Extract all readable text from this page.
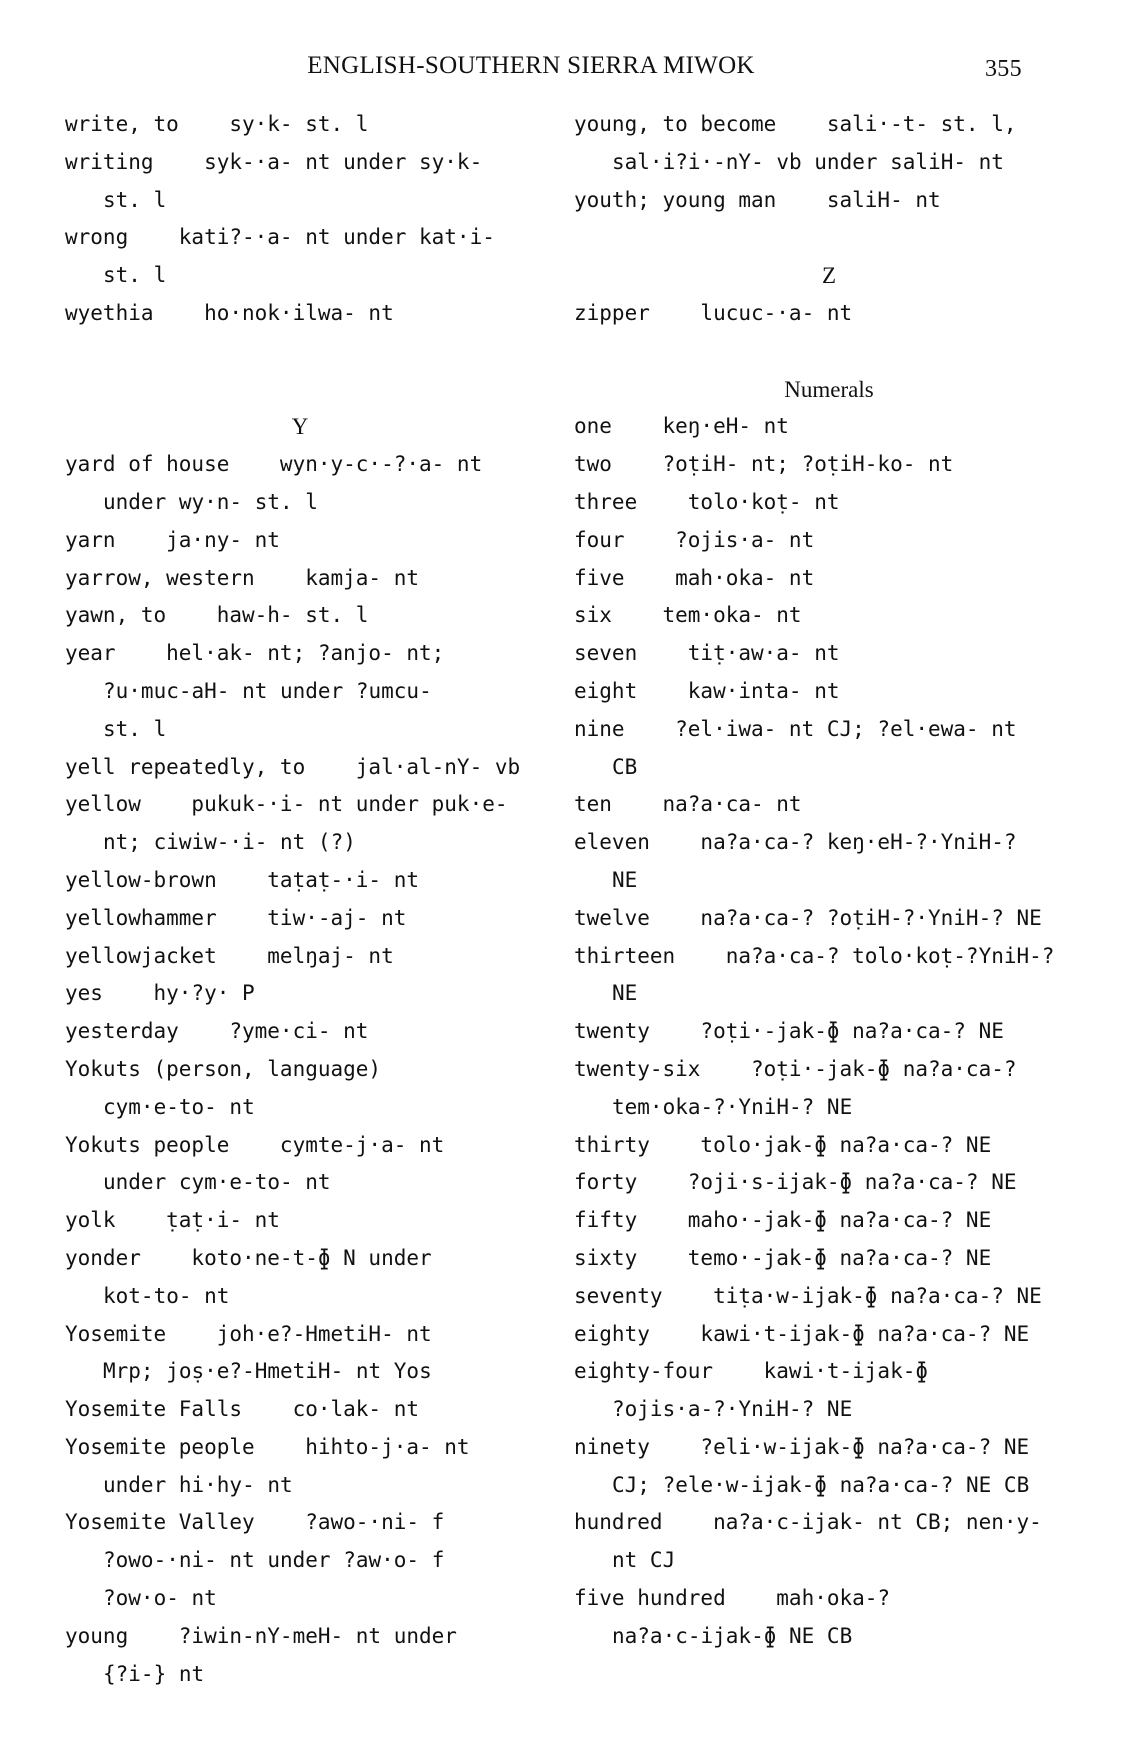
ENGLISH-SOUTHERN SIERRA MIWOK	355
write, to    sy·k- st. l
writing    syk-·a- nt under sy·k-
st. l
wrong    kati?-·a- nt under kat·i-
st. l
wyethia    ho·nok·ilwa- nt
Y
yard of house    wyn·y-c·-?·a- nt
under wy·n- st. l
yarn    ja·ny- nt
yarrow, western    kamja- nt
yawn, to    haw-h- st. l
year    hel·ak- nt; ?anjo- nt;
?u·muc-aH- nt under ?umcu-
st. l
yell repeatedly, to    jal·al-nY- vb
yellow    pukuk-·i- nt under puk·e-
nt; ciwiw-·i- nt (?)
yellow-brown    taṭaṭ-·i- nt
yellowhammer    tiw·-aj- nt
yellowjacket    melŋaj- nt
yes    hy·?y· P
yesterday    ?yme·ci- nt
Yokuts (person, language)
cym·e-to- nt
Yokuts people    cymte-j·a- nt
under cym·e-to- nt
yolk    ṭaṭ·i- nt
yonder    koto·ne-t-ɸ N under
kot-to- nt
Yosemite    joh·e?-HmetiH- nt
Mrp; joṣ·e?-HmetiH- nt Yos
Yosemite Falls    co·lak- nt
Yosemite people    hihto-j·a- nt
under hi·hy- nt
Yosemite Valley    ?awo-·ni- f
?owo-·ni- nt under ?aw·o- f
?ow·o- nt
young    ?iwin-nY-meH- nt under
{?i-} nt
young, to become    sali·-t- st. l,
sal·i?i·-nY- vb under saliH- nt
youth; young man    saliH- nt
Z
zipper    lucuc-·a- nt
Numerals
one    keŋ·eH- nt
two    ?oṭiH- nt; ?oṭiH-ko- nt
three    tolo·koṭ- nt
four    ?ojis·a- nt
five    mah·oka- nt
six    tem·oka- nt
seven    tiṭ·aw·a- nt
eight    kaw·inta- nt
nine    ?el·iwa- nt CJ; ?el·ewa- nt
CB
ten    na?a·ca- nt
eleven    na?a·ca-? keŋ·eH-?·YniH-?
NE
twelve    na?a·ca-? ?oṭiH-?·YniH-? NE
thirteen    na?a·ca-? tolo·koṭ-?YniH-?
NE
twenty    ?oṭi·-jak-ɸ na?a·ca-? NE
twenty-six    ?oṭi·-jak-ɸ na?a·ca-?
tem·oka-?·YniH-? NE
thirty    tolo·jak-ɸ na?a·ca-? NE
forty    ?oji·s-ijak-ɸ na?a·ca-? NE
fifty    maho·-jak-ɸ na?a·ca-? NE
sixty    temo·-jak-ɸ na?a·ca-? NE
seventy    tiṭa·w-ijak-ɸ na?a·ca-? NE
eighty    kawi·t-ijak-ɸ na?a·ca-? NE
eighty-four    kawi·t-ijak-ɸ
?ojis·a-?·YniH-? NE
ninety    ?eli·w-ijak-ɸ na?a·ca-? NE
CJ; ?ele·w-ijak-ɸ na?a·ca-? NE CB
hundred    na?a·c-ijak- nt CB; nen·y-
nt CJ
five hundred    mah·oka-?
na?a·c-ijak-ɸ NE CB
